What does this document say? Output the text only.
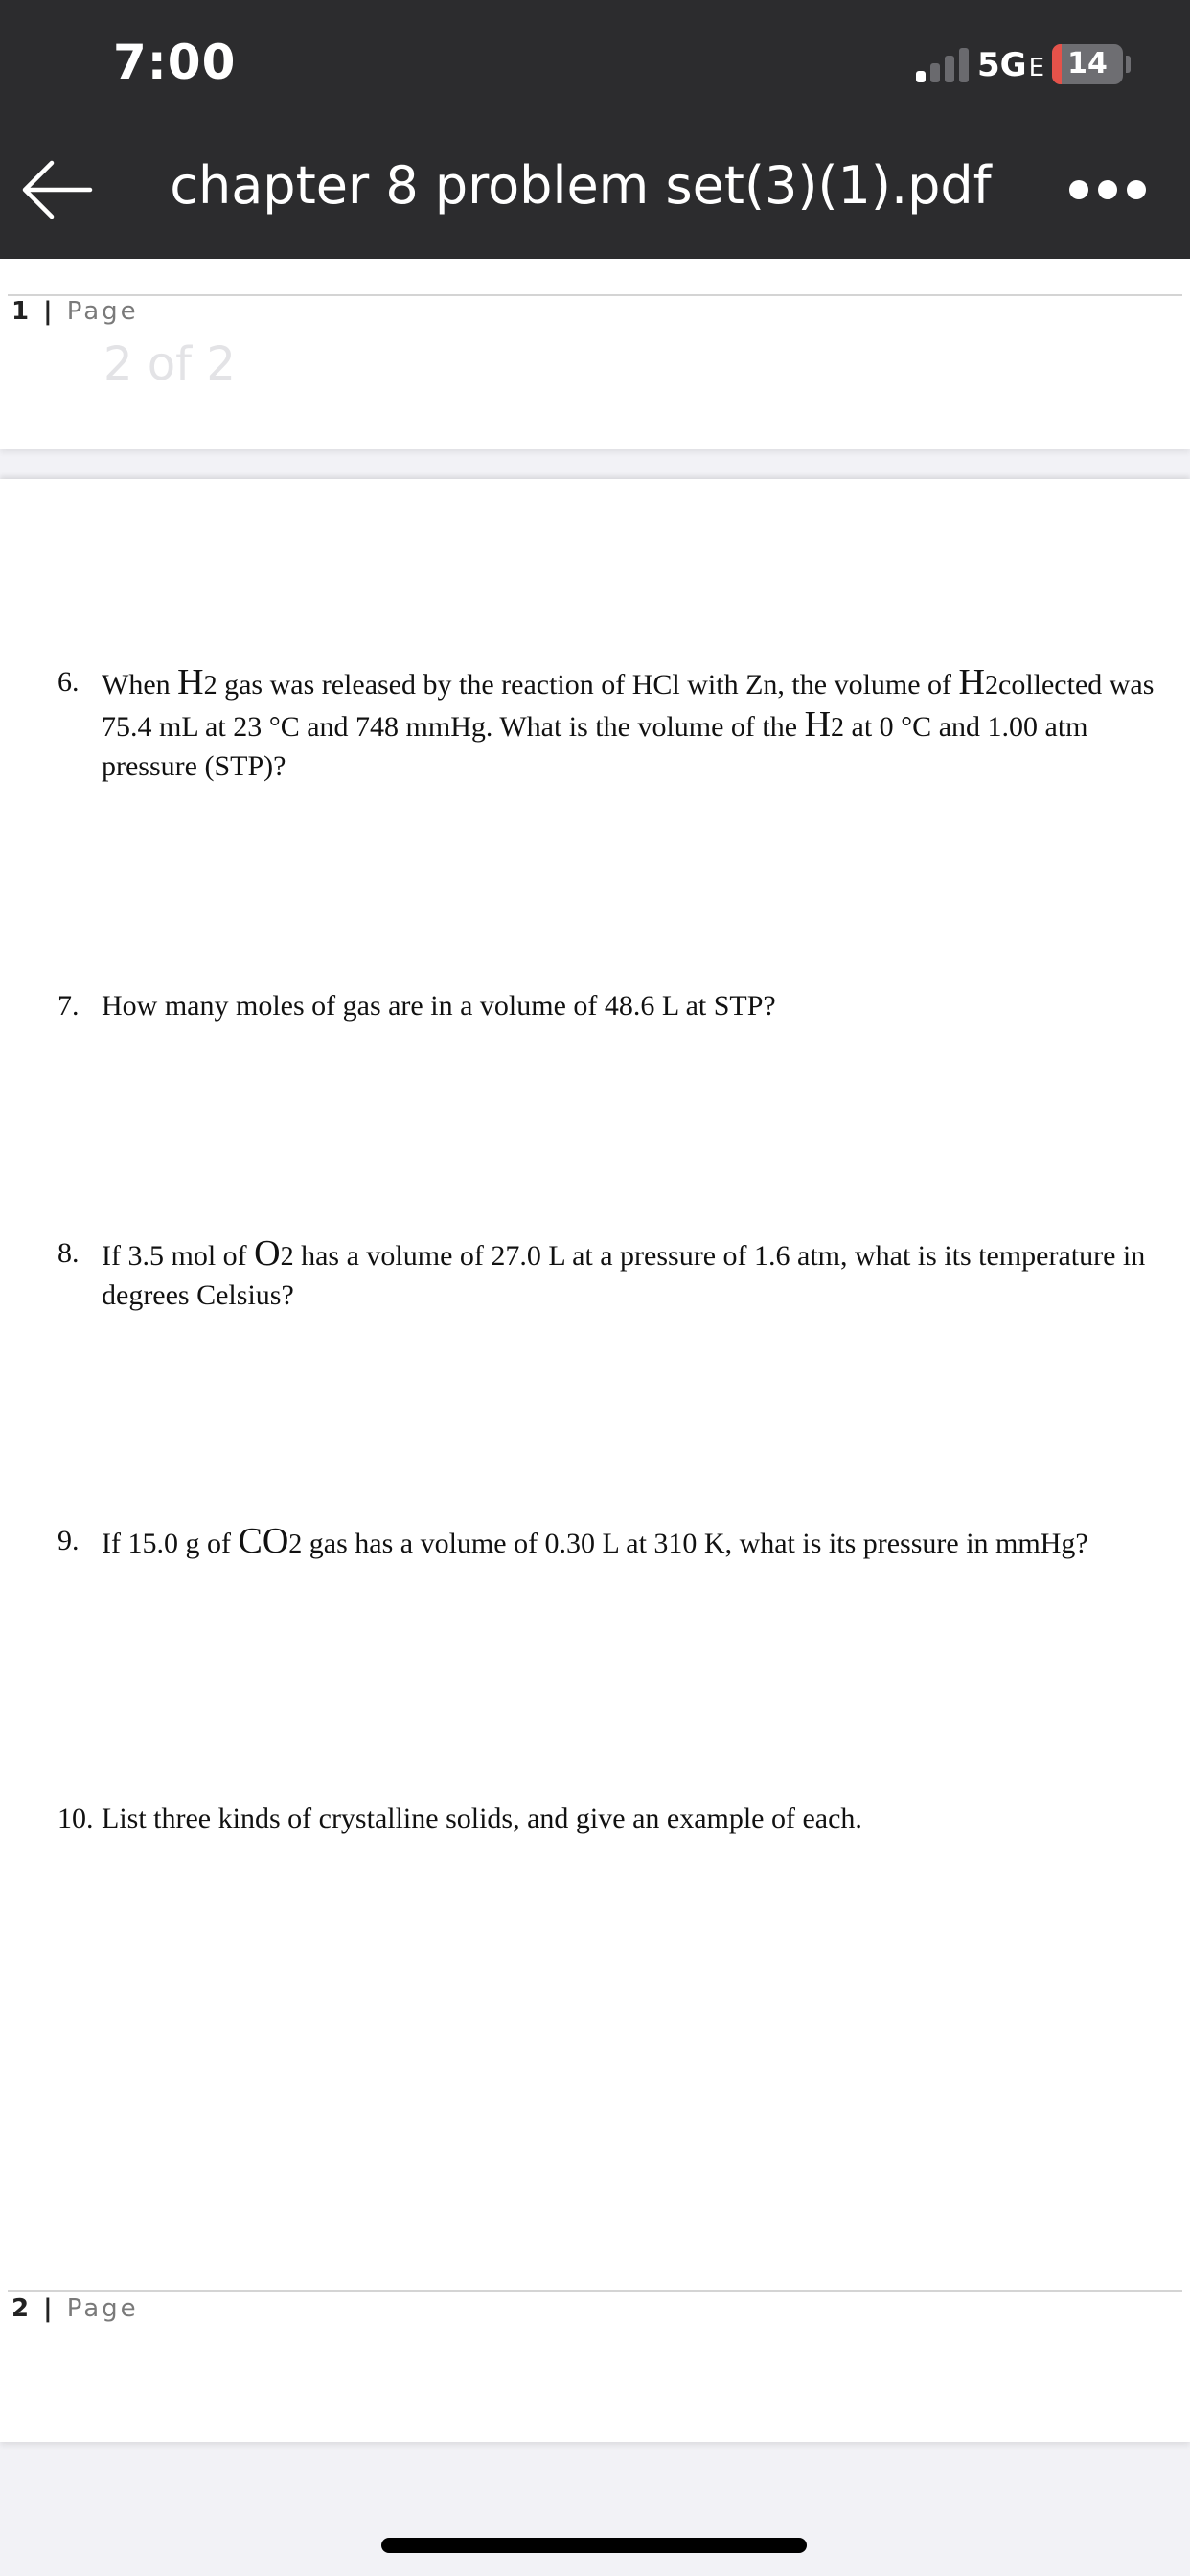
7:00	5GE 14
chapter 8 problem set(3)(1).pdf
1 | Page
2 of 2
6. When H2 gas was released by the reaction of HCl with Zn, the volume of H2collected was 75.4 mL at 23 °C and 748 mmHg. What is the volume of the H2 at 0 °C and 1.00 atm pressure (STP)?
7. How many moles of gas are in a volume of 48.6 L at STP?
8. If 3.5 mol of O2 has a volume of 27.0 L at a pressure of 1.6 atm, what is its temperature in degrees Celsius?
9. If 15.0 g of CO2 gas has a volume of 0.30 L at 310 K, what is its pressure in mmHg?
10. List three kinds of crystalline solids, and give an example of each.
2 | Page
